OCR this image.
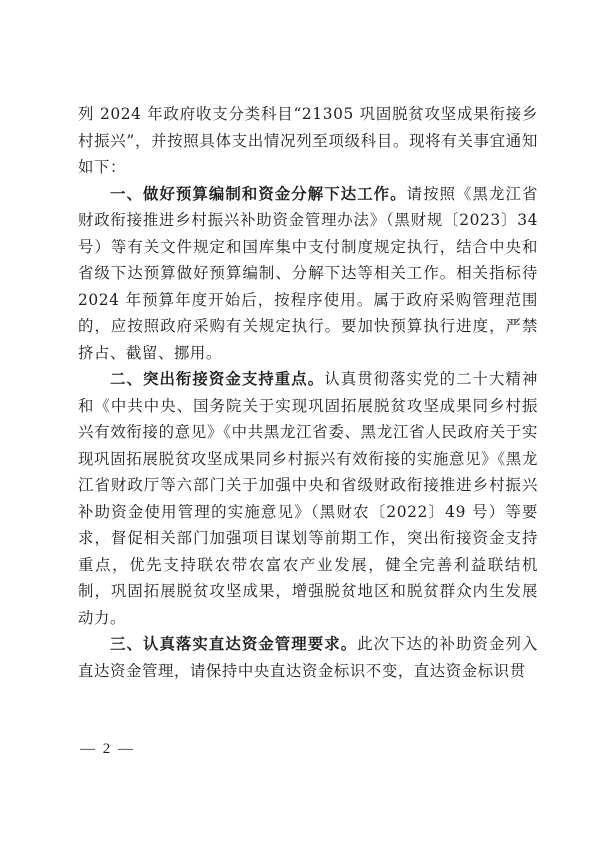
列 2024 年政府收支分类科目“21305 巩固脱贫攻坚成果衔接乡村振兴”，并按照具体支出情况列至项级科目。现将有关事宜通知如下：

一、做好预算编制和资金分解下达工作。请按照《黑龙江省财政衔接推进乡村振兴补助资金管理办法》（黑财规〔2023〕34 号）等有关文件规定和国库集中支付制度规定执行，结合中央和省级下达预算做好预算编制、分解下达等相关工作。相关指标待 2024 年预算年度开始后，按程序使用。属于政府采购管理范围的，应按照政府采购有关规定执行。要加快预算执行进度，严禁挤占、截留、挪用。

二、突出衔接资金支持重点。认真贯彻落实党的二十大精神和《中共中央、国务院关于实现巩固拓展脱贫攻坚成果同乡村振兴有效衔接的意见》《中共黑龙江省委、黑龙江省人民政府关于实现巩固拓展脱贫攻坚成果同乡村振兴有效衔接的实施意见》《黑龙江省财政厅等六部门关于加强中央和省级财政衔接推进乡村振兴补助资金使用管理的实施意见》（黑财农〔2022〕49 号）等要求，督促相关部门加强项目谋划等前期工作，突出衔接资金支持重点，优先支持联农带农富农产业发展，健全完善利益联结机制，巩固拓展脱贫攻坚成果，增强脱贫地区和脱贫群众内生发展动力。

三、认真落实直达资金管理要求。此次下达的补助资金列入直达资金管理，请保持中央直达资金标识不变，直达资金标识贯

— 2 —
